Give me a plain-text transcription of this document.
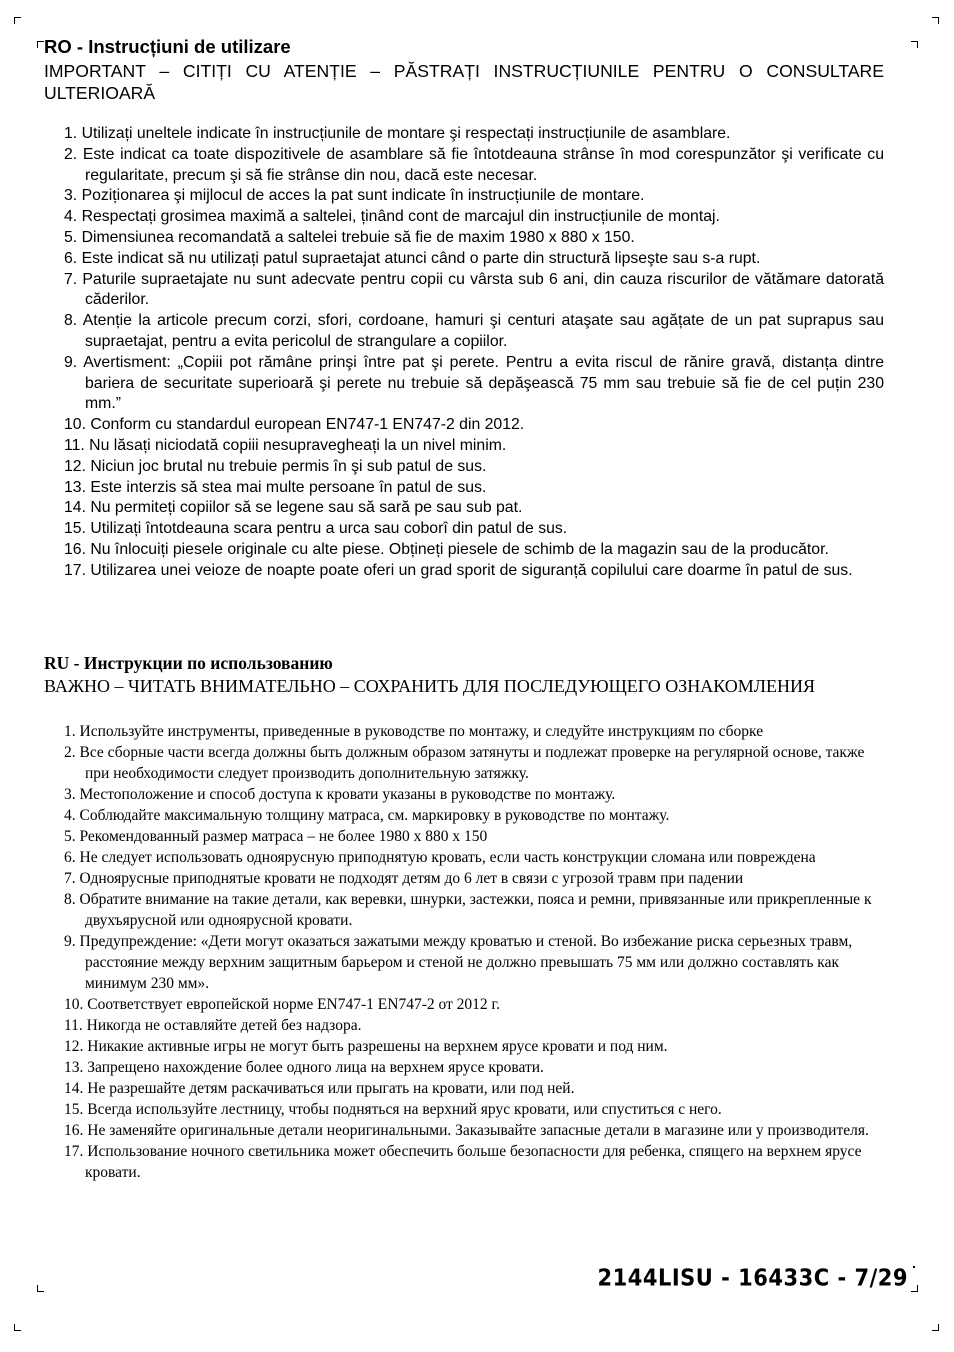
RO - Instrucțiuni de utilizare

IMPORTANT – CITIȚI CU ATENȚIE – PĂSTRAȚI INSTRUCȚIUNILE PENTRU O CONSULTARE ULTERIOARĂ

1. Utilizați uneltele indicate în instrucțiunile de montare şi respectați instrucțiunile de asamblare.
2. Este indicat ca toate dispozitivele de asamblare să fie întotdeauna strânse în mod corespunzător şi verificate cu regularitate, precum şi să fie strânse din nou, dacă este necesar.
3. Poziționarea şi mijlocul de acces la pat sunt indicate în instrucțiunile de montare.
4. Respectați grosimea maximă a saltelei, ținând cont de marcajul din instrucțiunile de montaj.
5. Dimensiunea recomandată a saltelei trebuie să fie de maxim 1980 x 880 x 150.
6. Este indicat să nu utilizați patul supraetajat atunci când o parte din structură lipseşte sau s-a rupt.
7. Paturile supraetajate nu sunt adecvate pentru copii cu vârsta sub 6 ani, din cauza riscurilor de vătămare datorată căderilor.
8. Atenție la articole precum corzi, sfori, cordoane, hamuri şi centuri ataşate sau agățate de un pat suprapus sau supraetajat, pentru a evita pericolul de strangulare a copiilor.
9. Avertisment: „Copiii pot rămâne prinşi între pat şi perete. Pentru a evita riscul de rănire gravă, distanța dintre bariera de securitate superioară şi perete nu trebuie să depăşească 75 mm sau trebuie să fie de cel puțin 230 mm.”
10. Conform cu standardul european EN747-1 EN747-2 din 2012.
11. Nu lăsați niciodată copiii nesupravegheați la un nivel minim.
12. Niciun joc brutal nu trebuie permis în şi sub patul de sus.
13. Este interzis să stea mai multe persoane în patul de sus.
14. Nu permiteți copiilor să se legene sau să sară pe sau sub pat.
15. Utilizați întotdeauna scara pentru a urca sau coborî din patul de sus.
16. Nu înlocuiți piesele originale cu alte piese. Obțineți piesele de schimb de la magazin sau de la producător.
17. Utilizarea unei veioze de noapte poate oferi un grad sporit de siguranță copilului care doarme în patul de sus.
RU - Инструкции по использованию

ВАЖНО – ЧИТАТЬ ВНИМАТЕЛЬНО – СОХРАНИТЬ ДЛЯ ПОСЛЕДУЮЩЕГО ОЗНАКОМЛЕНИЯ

1. Используйте инструменты, приведенные в руководстве по монтажу, и следуйте инструкциям по сборке
2. Все сборные части всегда должны быть должным образом затянуты и подлежат проверке на регулярной основе, также при необходимости следует производить дополнительную затяжку.
3. Местоположение и способ доступа к кровати указаны в руководстве по монтажу.
4. Соблюдайте максимальную толщину матраса, см. маркировку в руководстве по монтажу.
5. Рекомендованный размер матраса – не более 1980 x 880 x 150
6. Не следует использовать одноярусную приподнятую кровать, если часть конструкции сломана или повреждена
7. Одноярусные приподнятые кровати не подходят детям до 6 лет в связи с угрозой травм при падении
8. Обратите внимание на такие детали, как веревки, шнурки, застежки, пояса и ремни, привязанные или прикрепленные к двухъярусной или одноярусной кровати.
9. Предупреждение: «Дети могут оказаться зажатыми между кроватью и стеной. Во избежание риска серьезных травм, расстояние между верхним защитным барьером и стеной не должно превышать 75 мм или должно составлять как минимум 230 мм».
10. Соответствует европейской норме EN747-1 EN747-2 от 2012 г.
11. Никогда не оставляйте детей без надзора.
12. Никакие активные игры не могут быть разрешены на верхнем ярусе кровати и под ним.
13. Запрещено нахождение более одного лица на верхнем ярусе кровати.
14. Не разрешайте детям раскачиваться или прыгать на кровати, или под ней.
15. Всегда используйте лестницу, чтобы подняться на верхний ярус кровати, или спуститься с него.
16. Не заменяйте оригинальные детали неоригинальными. Заказывайте запасные детали в магазине или у производителя.
17. Использование ночного светильника может обеспечить больше безопасности для ребенка, спящего на верхнем ярусе кровати.
2144LISU - 16433C - 7/29
